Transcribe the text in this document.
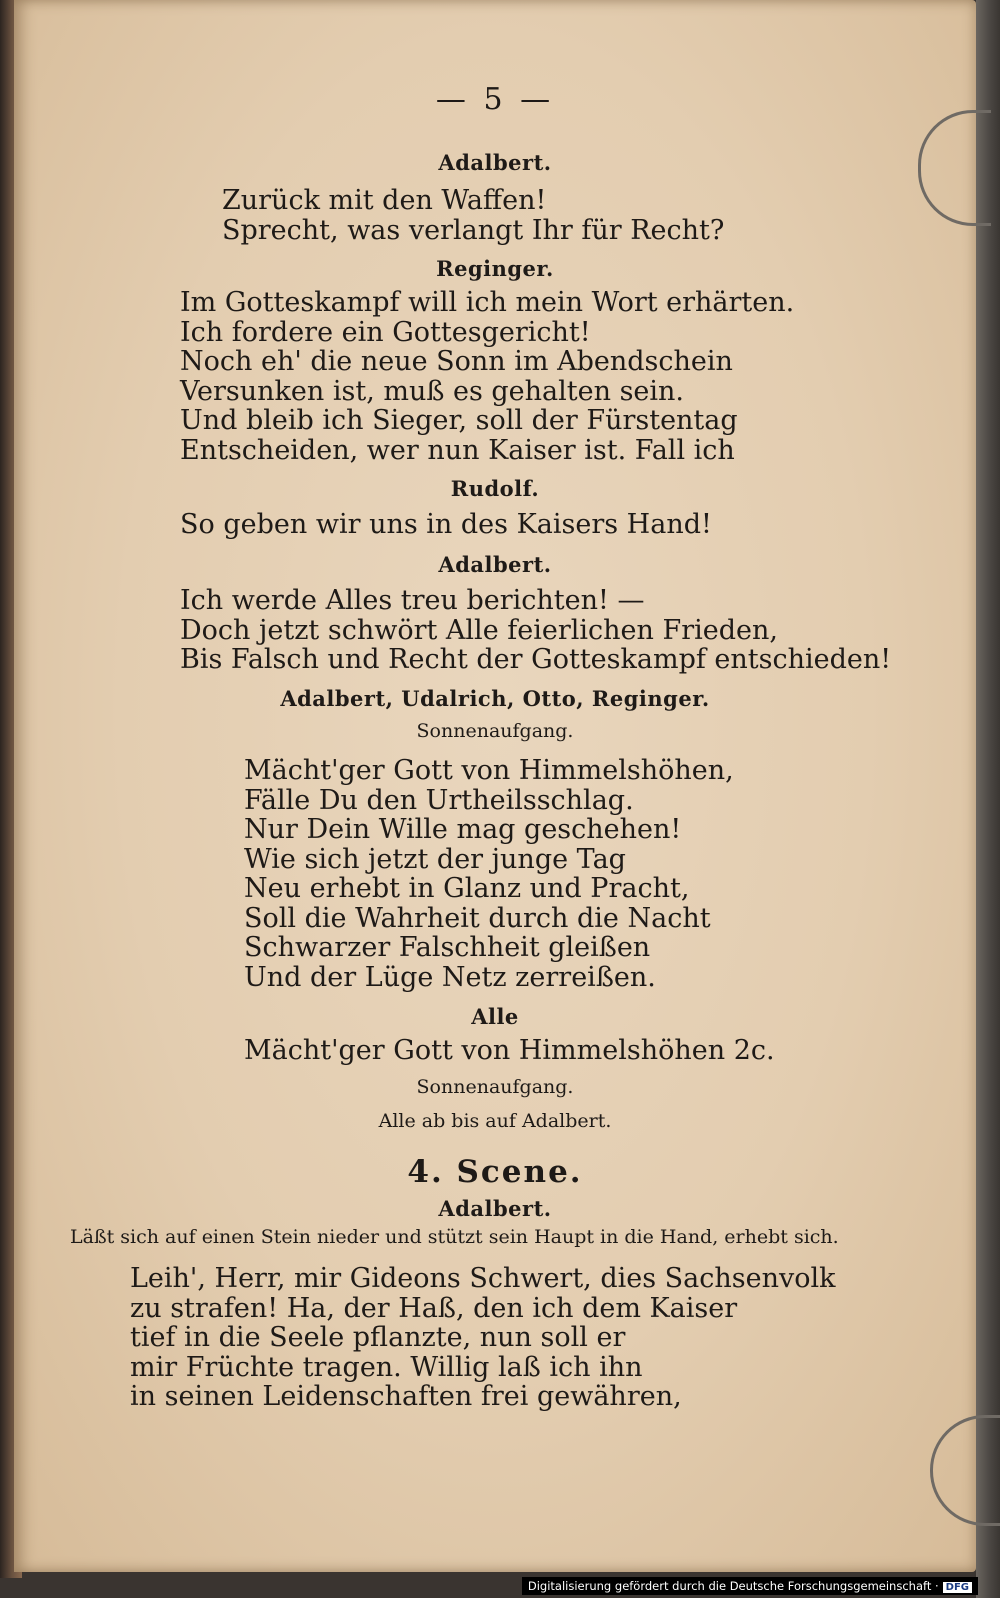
— 5 —
Adalbert.
Zurück mit den Waffen!
Sprecht, was verlangt Ihr für Recht?
Reginger.
Im Gotteskampf will ich mein Wort erhärten.
Ich fordere ein Gottesgericht!
Noch eh' die neue Sonn im Abendschein
Versunken ist, muß es gehalten sein.
Und bleib ich Sieger, soll der Fürstentag
Entscheiden, wer nun Kaiser ist. Fall ich
Rudolf.
So geben wir uns in des Kaisers Hand!
Adalbert.
Ich werde Alles treu berichten! —
Doch jetzt schwört Alle feierlichen Frieden,
Bis Falsch und Recht der Gotteskampf entschieden!
Adalbert, Udalrich, Otto, Reginger.
Sonnenaufgang.
Mächt'ger Gott von Himmelshöhen,
Fälle Du den Urtheilsschlag.
Nur Dein Wille mag geschehen!
Wie sich jetzt der junge Tag
Neu erhebt in Glanz und Pracht,
Soll die Wahrheit durch die Nacht
Schwarzer Falschheit gleißen
Und der Lüge Netz zerreißen.
Alle
Mächt'ger Gott von Himmelshöhen 2c.
Sonnenaufgang.
Alle ab bis auf Adalbert.
4. Scene.
Adalbert.
Läßt sich auf einen Stein nieder und stützt sein Haupt in die Hand, erhebt sich.
Leih', Herr, mir Gideons Schwert, dies Sachsenvolk
zu strafen! Ha, der Haß, den ich dem Kaiser
tief in die Seele pflanzte, nun soll er
mir Früchte tragen. Willig laß ich ihn
in seinen Leidenschaften frei gewähren,
Digitalisierung gefördert durch die Deutsche Forschungsgemeinschaft · DFG
